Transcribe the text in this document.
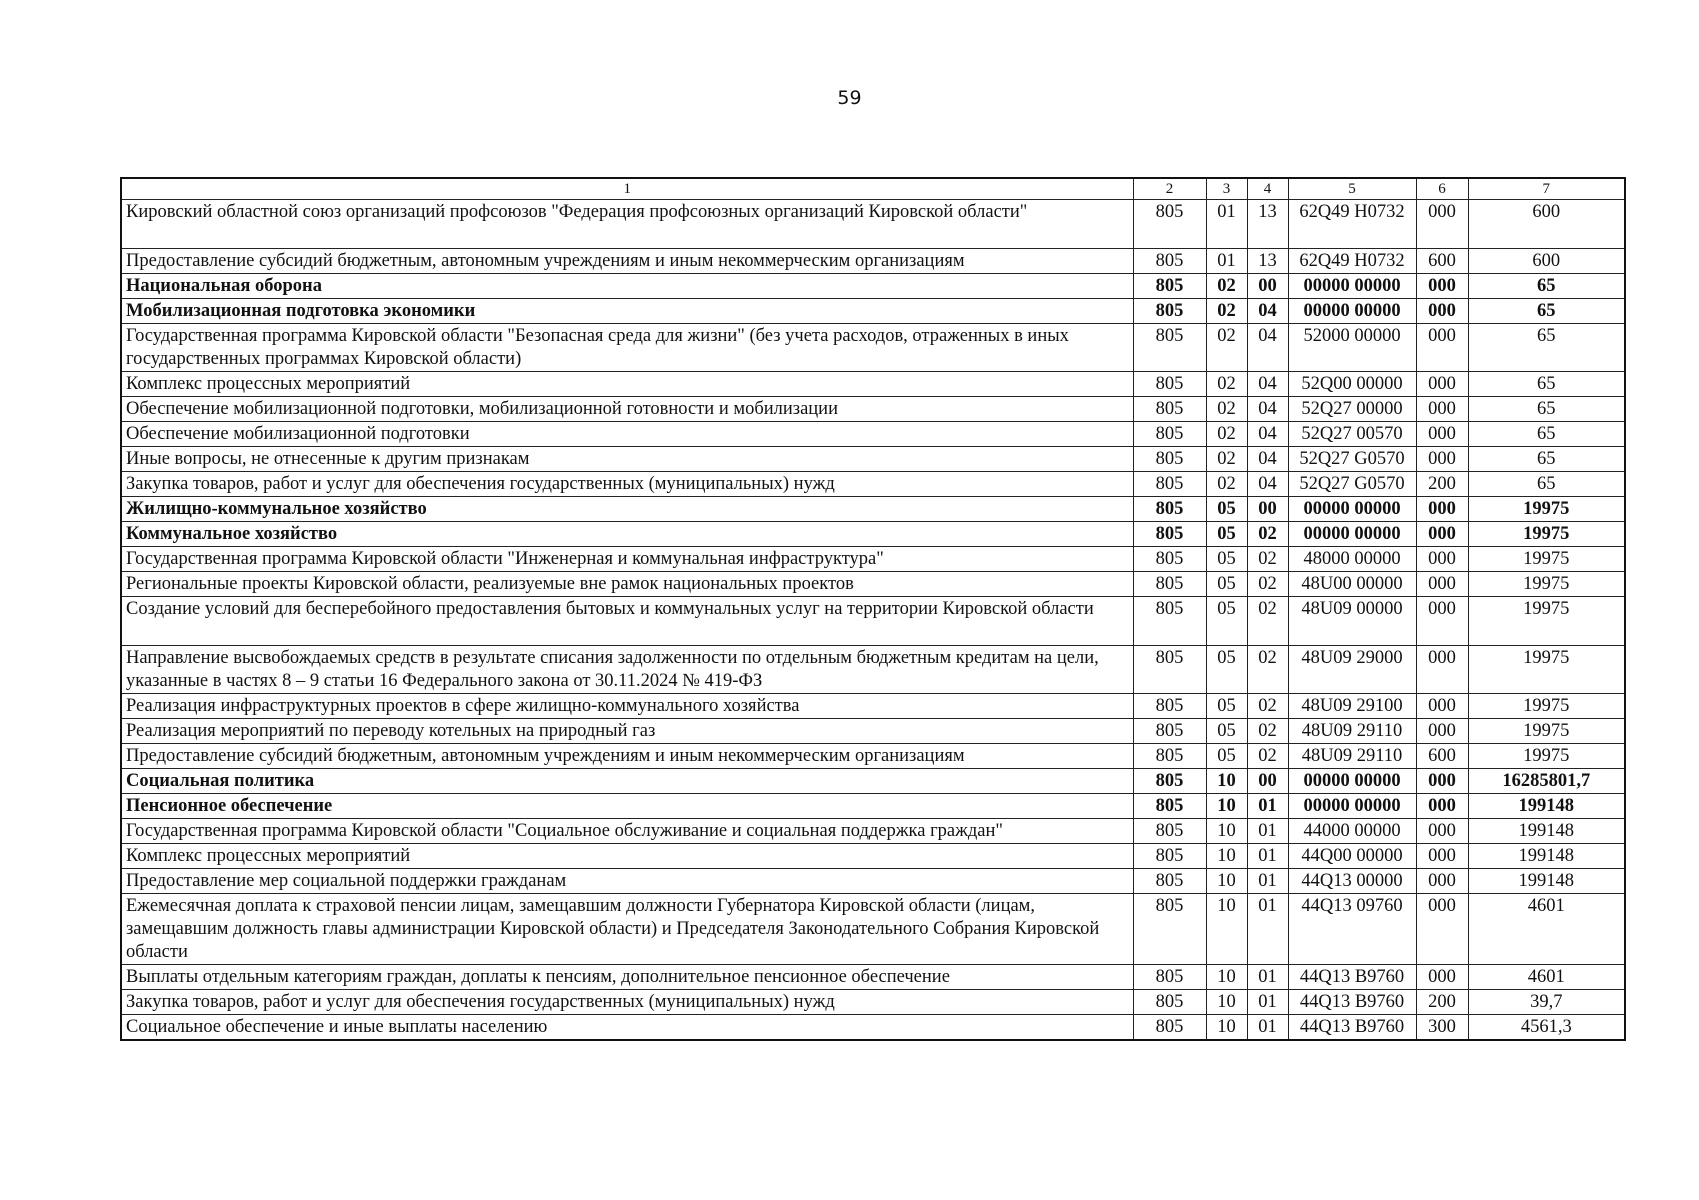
59
1	2	3	4	5	6	7
Кировский областной союз организаций профсоюзов "Федерация профсоюзных организаций Кировской области"	805	01	13	62Q49 H0732	000	600
Предоставление субсидий бюджетным, автономным учреждениям и иным некоммерческим организациям	805	01	13	62Q49 H0732	600	600
Национальная оборона	805	02	00	00000 00000	000	65
Мобилизационная подготовка экономики	805	02	04	00000 00000	000	65
Государственная программа Кировской области "Безопасная среда для жизни" (без учета расходов, отраженных в иных государственных программах Кировской области)	805	02	04	52000 00000	000	65
Комплекс процессных мероприятий	805	02	04	52Q00 00000	000	65
Обеспечение мобилизационной подготовки, мобилизационной готовности и мобилизации	805	02	04	52Q27 00000	000	65
Обеспечение мобилизационной подготовки	805	02	04	52Q27 00570	000	65
Иные вопросы, не отнесенные к другим признакам	805	02	04	52Q27 G0570	000	65
Закупка товаров, работ и услуг для обеспечения государственных (муниципальных) нужд	805	02	04	52Q27 G0570	200	65
Жилищно-коммунальное хозяйство	805	05	00	00000 00000	000	19975
Коммунальное хозяйство	805	05	02	00000 00000	000	19975
Государственная программа Кировской области "Инженерная и коммунальная инфраструктура"	805	05	02	48000 00000	000	19975
Региональные проекты Кировской области, реализуемые вне рамок национальных проектов	805	05	02	48U00 00000	000	19975
Создание условий для бесперебойного предоставления бытовых и коммунальных услуг на территории Кировской области	805	05	02	48U09 00000	000	19975
Направление высвобождаемых средств в результате списания задолженности по отдельным бюджетным кредитам на цели, указанные в частях 8 – 9 статьи 16 Федерального закона от 30.11.2024 № 419-ФЗ	805	05	02	48U09 29000	000	19975
Реализация инфраструктурных проектов в сфере жилищно-коммунального хозяйства	805	05	02	48U09 29100	000	19975
Реализация мероприятий по переводу котельных на природный газ	805	05	02	48U09 29110	000	19975
Предоставление субсидий бюджетным, автономным учреждениям и иным некоммерческим организациям	805	05	02	48U09 29110	600	19975
Социальная политика	805	10	00	00000 00000	000	16285801,7
Пенсионное обеспечение	805	10	01	00000 00000	000	199148
Государственная программа Кировской области "Социальное обслуживание и социальная поддержка граждан"	805	10	01	44000 00000	000	199148
Комплекс процессных мероприятий	805	10	01	44Q00 00000	000	199148
Предоставление мер социальной поддержки гражданам	805	10	01	44Q13 00000	000	199148
Ежемесячная доплата к страховой пенсии лицам, замещавшим должности Губернатора Кировской области (лицам, замещавшим должность главы администрации Кировской области) и Председателя Законодательного Собрания Кировской области	805	10	01	44Q13 09760	000	4601
Выплаты отдельным категориям граждан, доплаты к пенсиям, дополнительное пенсионное обеспечение	805	10	01	44Q13 B9760	000	4601
Закупка товаров, работ и услуг для обеспечения государственных (муниципальных) нужд	805	10	01	44Q13 B9760	200	39,7
Социальное обеспечение и иные выплаты населению	805	10	01	44Q13 B9760	300	4561,3
